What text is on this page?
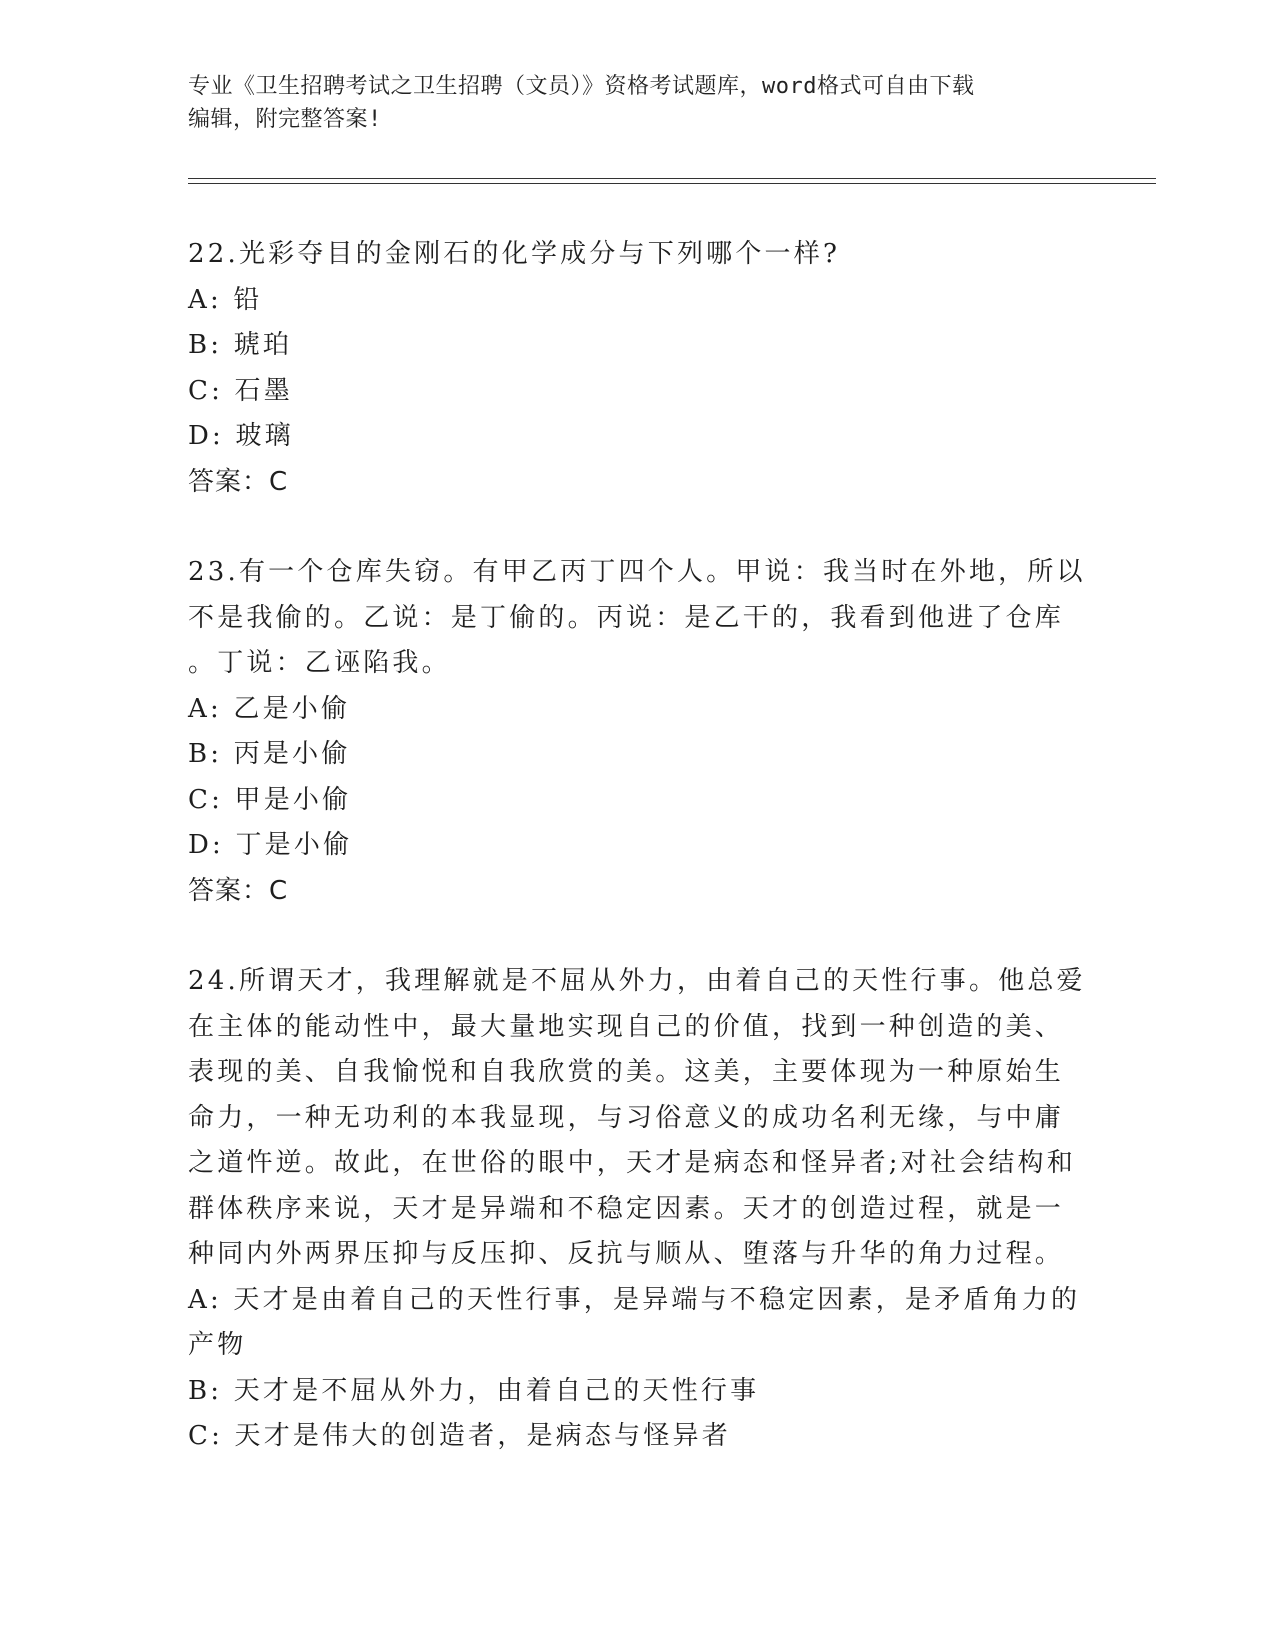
专业《卫生招聘考试之卫生招聘（文员）》资格考试题库，word格式可自由下载
编辑，附完整答案!
22.光彩夺目的金刚石的化学成分与下列哪个一样?
A: 铅
B: 琥珀
C: 石墨
D: 玻璃
答案：C
23.有一个仓库失窃。有甲乙丙丁四个人。甲说：我当时在外地，所以
不是我偷的。乙说：是丁偷的。丙说：是乙干的，我看到他进了仓库
。丁说：乙诬陷我。
A: 乙是小偷
B: 丙是小偷
C: 甲是小偷
D: 丁是小偷
答案：C
24.所谓天才，我理解就是不屈从外力，由着自己的天性行事。他总爱
在主体的能动性中，最大量地实现自己的价值，找到一种创造的美、
表现的美、自我愉悦和自我欣赏的美。这美，主要体现为一种原始生
命力，一种无功利的本我显现，与习俗意义的成功名利无缘，与中庸
之道忤逆。故此，在世俗的眼中，天才是病态和怪异者;对社会结构和
群体秩序来说，天才是异端和不稳定因素。天才的创造过程，就是一
种同内外两界压抑与反压抑、反抗与顺从、堕落与升华的角力过程。
A: 天才是由着自己的天性行事，是异端与不稳定因素，是矛盾角力的
产物
B: 天才是不屈从外力，由着自己的天性行事
C: 天才是伟大的创造者，是病态与怪异者
